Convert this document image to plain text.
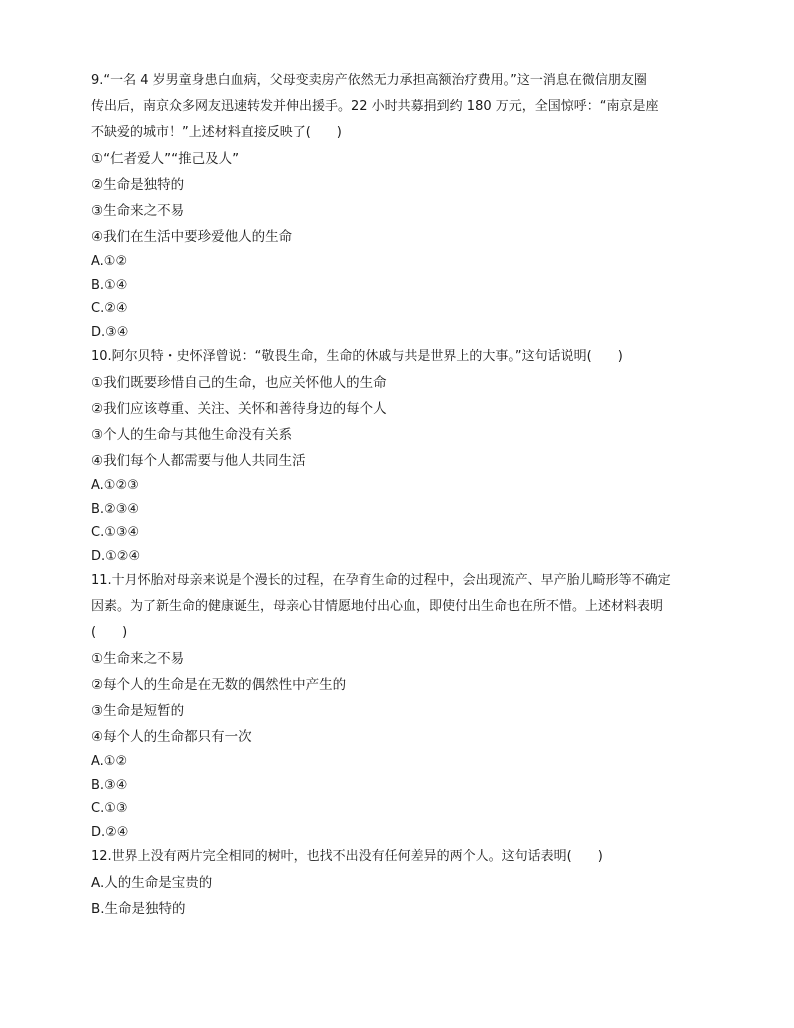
9.“一名 4 岁男童身患白血病，父母变卖房产依然无力承担高额治疗费用。”这一消息在微信朋友圈
传出后，南京众多网友迅速转发并伸出援手。22 小时共募捐到约 180 万元，全国惊呼：“南京是座
不缺爱的城市！”上述材料直接反映了(　　)
①“仁者爱人”“推己及人”
②生命是独特的
③生命来之不易
④我们在生活中要珍爱他人的生命
A.①②
B.①④
C.②④
D.③④
10.阿尔贝特・史怀泽曾说：“敬畏生命，生命的休戚与共是世界上的大事。”这句话说明(　　)
①我们既要珍惜自己的生命，也应关怀他人的生命
②我们应该尊重、关注、关怀和善待身边的每个人
③个人的生命与其他生命没有关系
④我们每个人都需要与他人共同生活
A.①②③
B.②③④
C.①③④
D.①②④
11.十月怀胎对母亲来说是个漫长的过程，在孕育生命的过程中，会出现流产、早产胎儿畸形等不确定
因素。为了新生命的健康诞生，母亲心甘情愿地付出心血，即使付出生命也在所不惜。上述材料表明
(　　)
①生命来之不易
②每个人的生命是在无数的偶然性中产生的
③生命是短暂的
④每个人的生命都只有一次
A.①②
B.③④
C.①③
D.②④
12.世界上没有两片完全相同的树叶，也找不出没有任何差异的两个人。这句话表明(　　)
A.人的生命是宝贵的
B.生命是独特的
